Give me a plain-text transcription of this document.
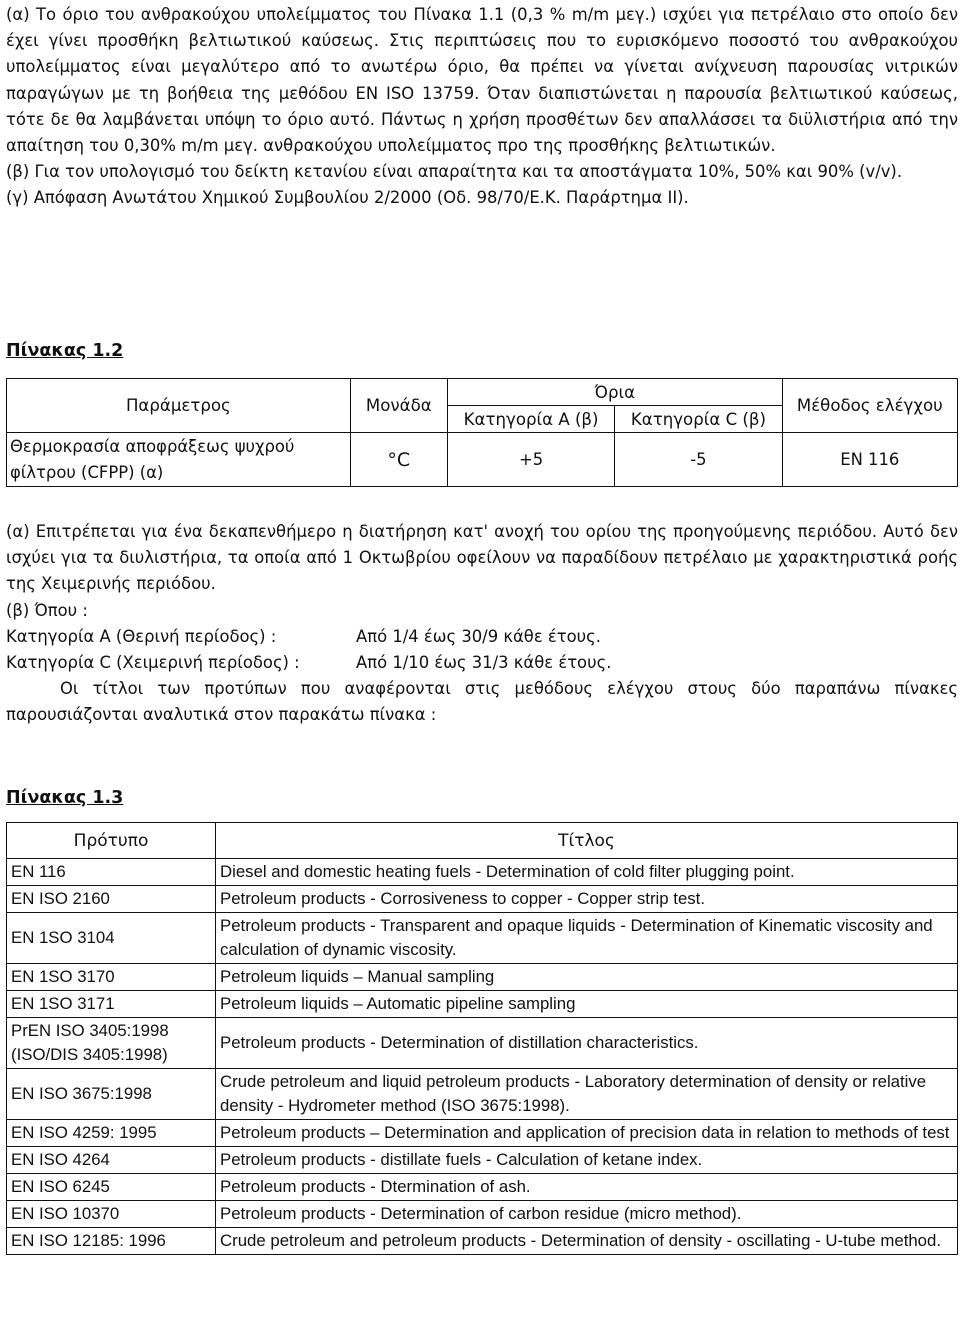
(α) Το όριο του ανθρακούχου υπολείμματος του Πίνακα 1.1 (0,3 % m/m μεγ.) ισχύει για πετρέλαιο στο οποίο δεν έχει γίνει προσθήκη βελτιωτικού καύσεως. Στις περιπτώσεις που το ευρισκόμενο ποσοστό του ανθρακούχου υπολείμματος είναι μεγαλύτερο από το ανωτέρω όριο, θα πρέπει να γίνεται ανίχνευση παρουσίας νιτρικών παραγώγων με τη βοήθεια της μεθόδου EN ISO 13759. Όταν διαπιστώνεται η παρουσία βελτιωτικού καύσεως, τότε δε θα λαμβάνεται υπόψη το όριο αυτό. Πάντως η χρήση προσθέτων δεν απαλλάσσει τα διϋλιστήρια από την απαίτηση του 0,30% m/m μεγ. ανθρακούχου υπολείμματος προ της προσθήκης βελτιωτικών.

(β) Για τον υπολογισμό του δείκτη κετανίου είναι απαραίτητα και τα αποστάγματα 10%, 50% και 90% (v/v).

(γ) Απόφαση Ανωτάτου Χημικού Συμβουλίου 2/2000 (Οδ. 98/70/Ε.Κ. Παράρτημα ΙΙ).

Πίνακας 1.2
Παράμετρος	Μονάδα	Όρια		Μέθοδος ελέγχου
		Κατηγορία Α (β)	Κατηγορία C (β)	
Θερμοκρασία αποφράξεως ψυχρού φίλτρου (CFPP) (α)	°C	+5	-5	EN 116

(α) Επιτρέπεται για ένα δεκαπενθήμερο η διατήρηση κατ' ανοχή του ορίου της προηγούμενης περιόδου. Αυτό δεν ισχύει για τα διυλιστήρια, τα οποία από 1 Οκτωβρίου οφείλουν να παραδίδουν πετρέλαιο με χαρακτηριστικά ροής της Χειμερινής περιόδου.

(β) Όπου :

Κατηγορία Α (Θερινή περίοδος) :	Από 1/4 έως 30/9 κάθε έτους.
Κατηγορία C (Χειμερινή περίοδος) :	Από 1/10 έως 31/3 κάθε έτους.

Οι τίτλοι των προτύπων που αναφέρονται στις μεθόδους ελέγχου στους δύο παραπάνω πίνακες παρουσιάζονται αναλυτικά στον παρακάτω πίνακα :

Πίνακας 1.3
Πρότυπο	Τίτλος
EN 116	Diesel and domestic heating fuels - Determination of cold filter plugging point.
EN ISO 2160	Petroleum products - Corrosiveness to copper - Copper strip test.
EN 1SO 3104	Petroleum products - Transparent and opaque liquids - Determination of Kinematic viscosity and calculation of dynamic viscosity.
EN 1SO 3170	Petroleum liquids – Manual sampling
EN 1SO 3171	Petroleum liquids – Automatic pipeline sampling
PrEN ISO 3405:1998 (ISO/DIS 3405:1998)	Petroleum products - Determination of distillation characteristics.
EN ISO 3675:1998	Crude petroleum and liquid petroleum products - Laboratory determination of density or relative density - Hydrometer method (ISO 3675:1998).
EN ISO 4259: 1995	Petroleum products – Determination and application of precision data in relation to methods of test
EN ISO 4264	Petroleum products - distillate fuels - Calculation of ketane index.
EN ISO 6245	Petroleum products - Dtermination of ash.
EN ISO 10370	Petroleum products - Determination of carbon residue (micro method).
EN ISO 12185: 1996	Crude petroleum and petroleum products - Determination of density - oscillating - U-tube method.
